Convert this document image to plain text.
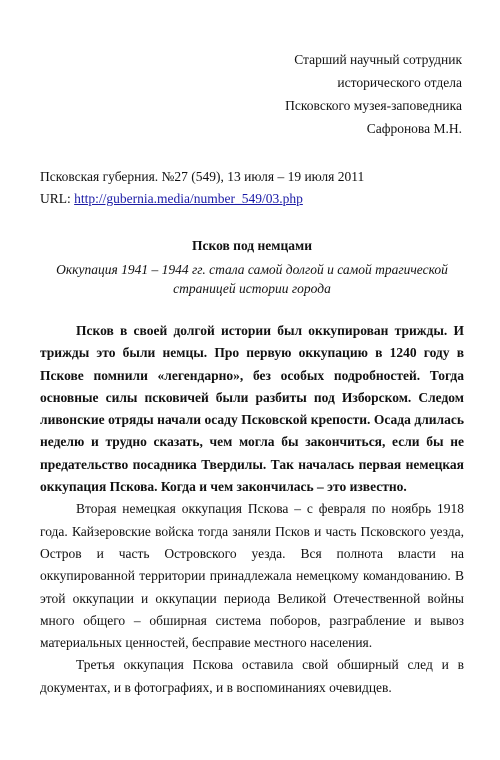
Старший научный сотрудник
исторического отдела
Псковского музея-заповедника
Сафронова М.Н.
Псковская губерния. №27 (549), 13 июля – 19 июля 2011
URL: http://gubernia.media/number_549/03.php
Псков под немцами
Оккупация 1941 – 1944 гг. стала самой долгой и самой трагической страницей истории города

Псков в своей долгой истории был оккупирован трижды. И трижды это были немцы. Про первую оккупацию в 1240 году в Пскове помнили «легендарно», без особых подробностей. Тогда основные силы псковичей были разбиты под Изборском. Следом ливонские отряды начали осаду Псковской крепости. Осада длилась неделю и трудно сказать, чем могла бы закончиться, если бы не предательство посадника Твердилы. Так началась первая немецкая оккупация Пскова. Когда и чем закончилась – это известно.

Вторая немецкая оккупация Пскова – с февраля по ноябрь 1918 года. Кайзеровские войска тогда заняли Псков и часть Псковского уезда, Остров и часть Островского уезда. Вся полнота власти на оккупированной территории принадлежала немецкому командованию. В этой оккупации и оккупации периода Великой Отечественной войны много общего – обширная система поборов, разграбление и вывоз материальных ценностей, бесправие местного населения.

Третья оккупация Пскова оставила свой обширный след и в документах, и в фотографиях, и в воспоминаниях очевидцев.
